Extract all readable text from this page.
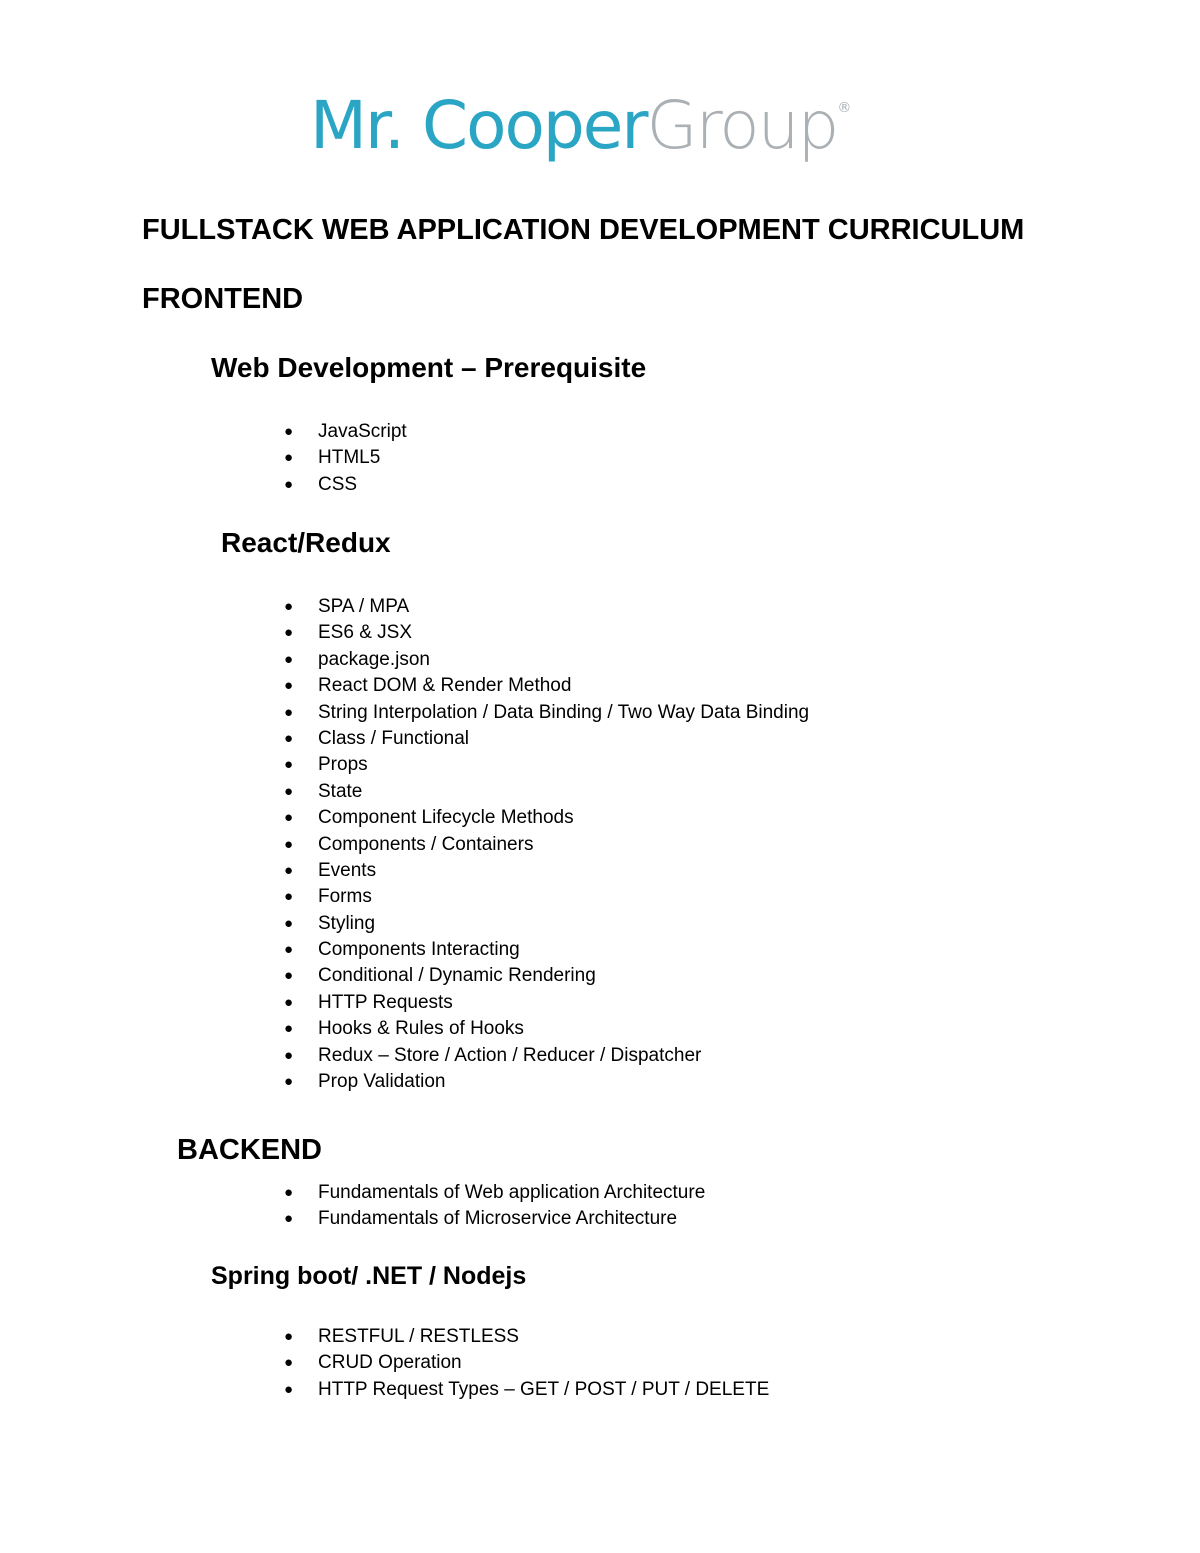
Mr. CooperGroup®
FULLSTACK WEB APPLICATION DEVELOPMENT CURRICULUM
FRONTEND
Web Development – Prerequisite
● JavaScript
● HTML5
● CSS
React/Redux
● SPA / MPA
● ES6 & JSX
● package.json
● React DOM & Render Method
● String Interpolation / Data Binding / Two Way Data Binding
● Class / Functional
● Props
● State
● Component Lifecycle Methods
● Components / Containers
● Events
● Forms
● Styling
● Components Interacting
● Conditional / Dynamic Rendering
● HTTP Requests
● Hooks & Rules of Hooks
● Redux – Store / Action / Reducer / Dispatcher
● Prop Validation
BACKEND
● Fundamentals of Web application Architecture
● Fundamentals of Microservice Architecture
Spring boot/ .NET / Nodejs
● RESTFUL / RESTLESS
● CRUD Operation
● HTTP Request Types – GET / POST / PUT / DELETE
